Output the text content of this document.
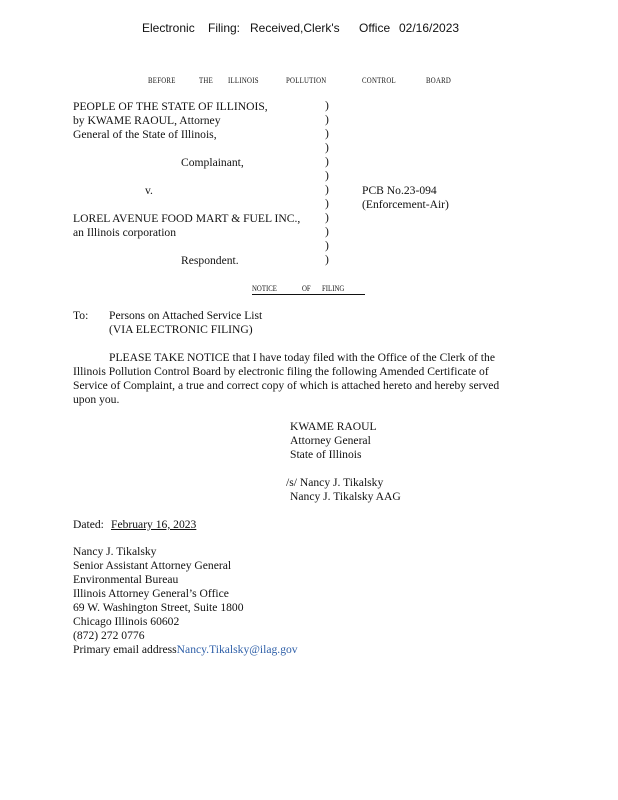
Electronic Filing: Received,Clerk's Office 02/16/2023
BEFORE	THE ILLINOIS	POLLUTION	CONTROL	BOARD
PEOPLE OF THE STATE OF ILLINOIS,
by KWAME RAOUL, Attorney
General of the State of Illinois,
Complainant,
v.
LOREL AVENUE FOOD MART & FUEL INC.,
an Illinois corporation
Respondent.
)
)
)
)
)
)
)
)
)
)
)
)
PCB No.23-094
(Enforcement-Air)
NOTICE	OF FILING
To: Persons on Attached Service List
(VIA ELECTRONIC FILING)
PLEASE TAKE NOTICE that I have today filed with the Office of the Clerk of the
Illinois Pollution Control Board by electronic filing the following Amended Certificate of
Service of Complaint, a true and correct copy of which is attached hereto and hereby served
upon you.
KWAME RAOUL
Attorney General
State of Illinois
/s/ Nancy J. Tikalsky
Nancy J. Tikalsky AAG
Dated: February 16, 2023
Nancy J. Tikalsky
Senior Assistant Attorney General
Environmental Bureau
Illinois Attorney General’s Office
69 W. Washington Street, Suite 1800
Chicago Illinois 60602
(872) 272 0776
Primary email addressNancy.Tikalsky@ilag.gov
